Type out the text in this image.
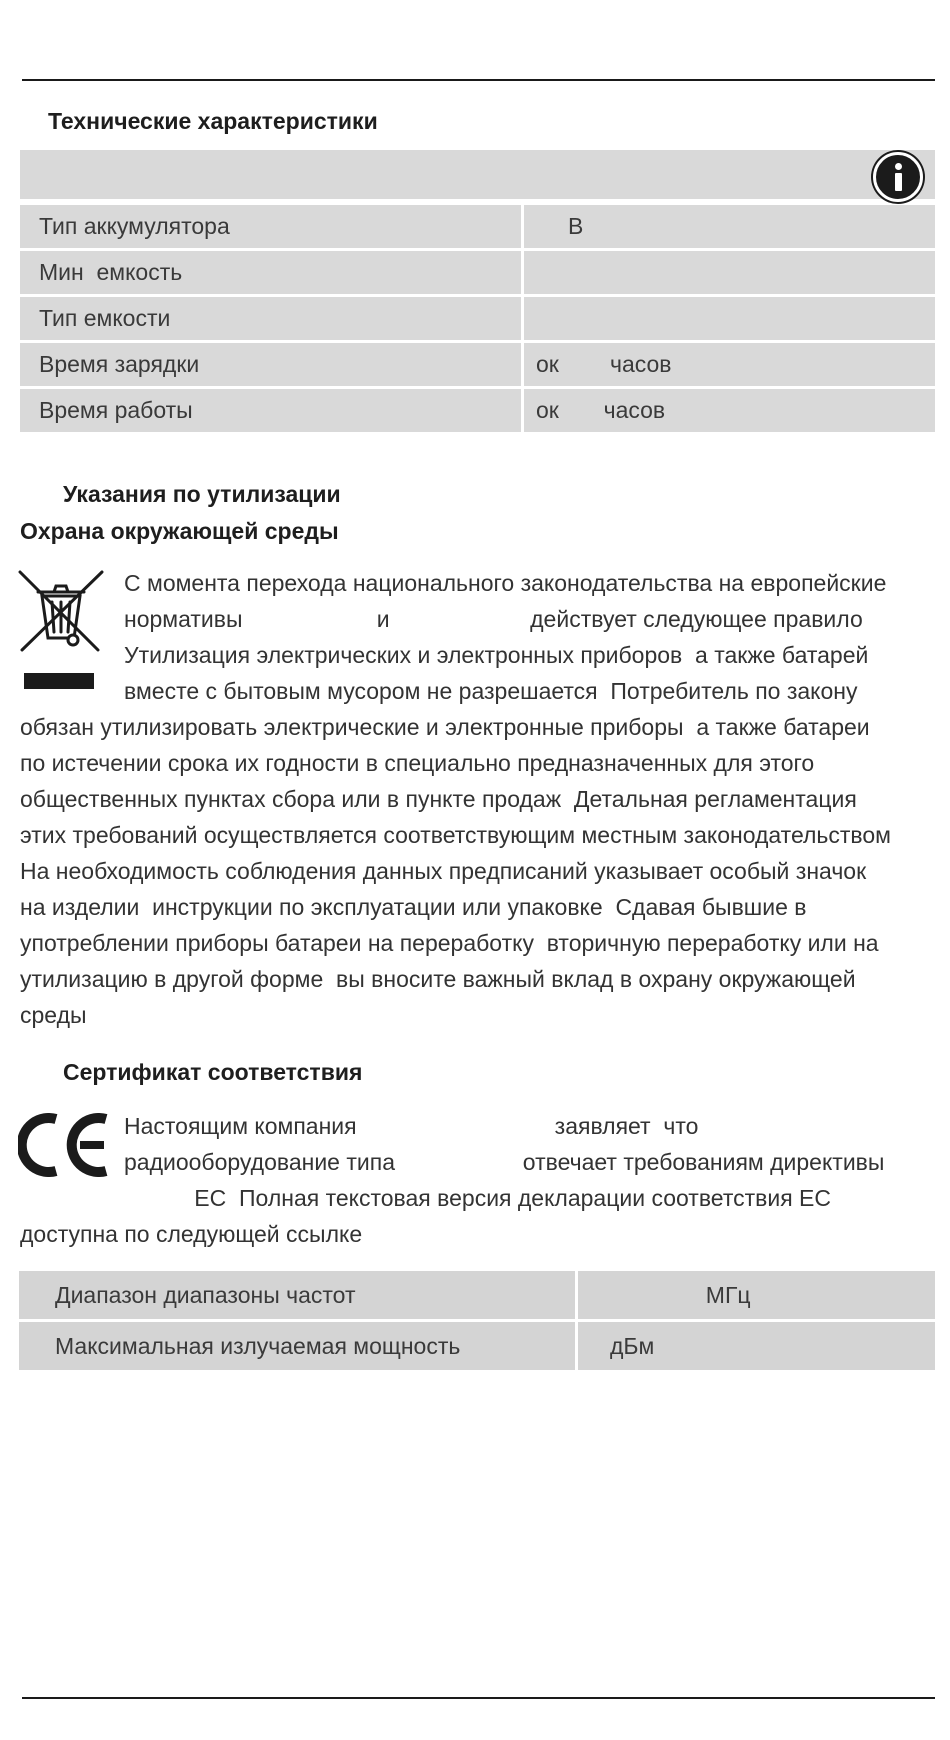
Технические характеристики
Тип аккумулятора	В
Мин  емкость	
Тип емкости	
Время зарядки	ок        часов
Время работы	ок       часов
Указания по утилизации
Охрана окружающей среды
С момента перехода национального законодательства на европейские
нормативы                     и                      действует следующее правило
Утилизация электрических и электронных приборов  а также батарей
вместе с бытовым мусором не разрешается  Потребитель по закону
обязан утилизировать электрические и электронные приборы  а также батареи
по истечении срока их годности в специально предназначенных для этого
общественных пунктах сбора или в пункте продаж  Детальная регламентация
этих требований осуществляется соответствующим местным законодательством
На необходимость соблюдения данных предписаний указывает особый значок
на изделии  инструкции по эксплуатации или упаковке  Сдавая бывшие в
употреблении приборы батареи на переработку  вторичную переработку или на
утилизацию в другой форме  вы вносите важный вклад в охрану окружающей
среды
Сертификат соответствия
Настоящим компания                               заявляет  что
радиооборудование типа                    отвечает требованиям директивы
ЕС  Полная текстовая версия декларации соответствия ЕС
доступна по следующей ссылке
Диапазон диапазоны частот	МГц
Максимальная излучаемая мощность	дБм
